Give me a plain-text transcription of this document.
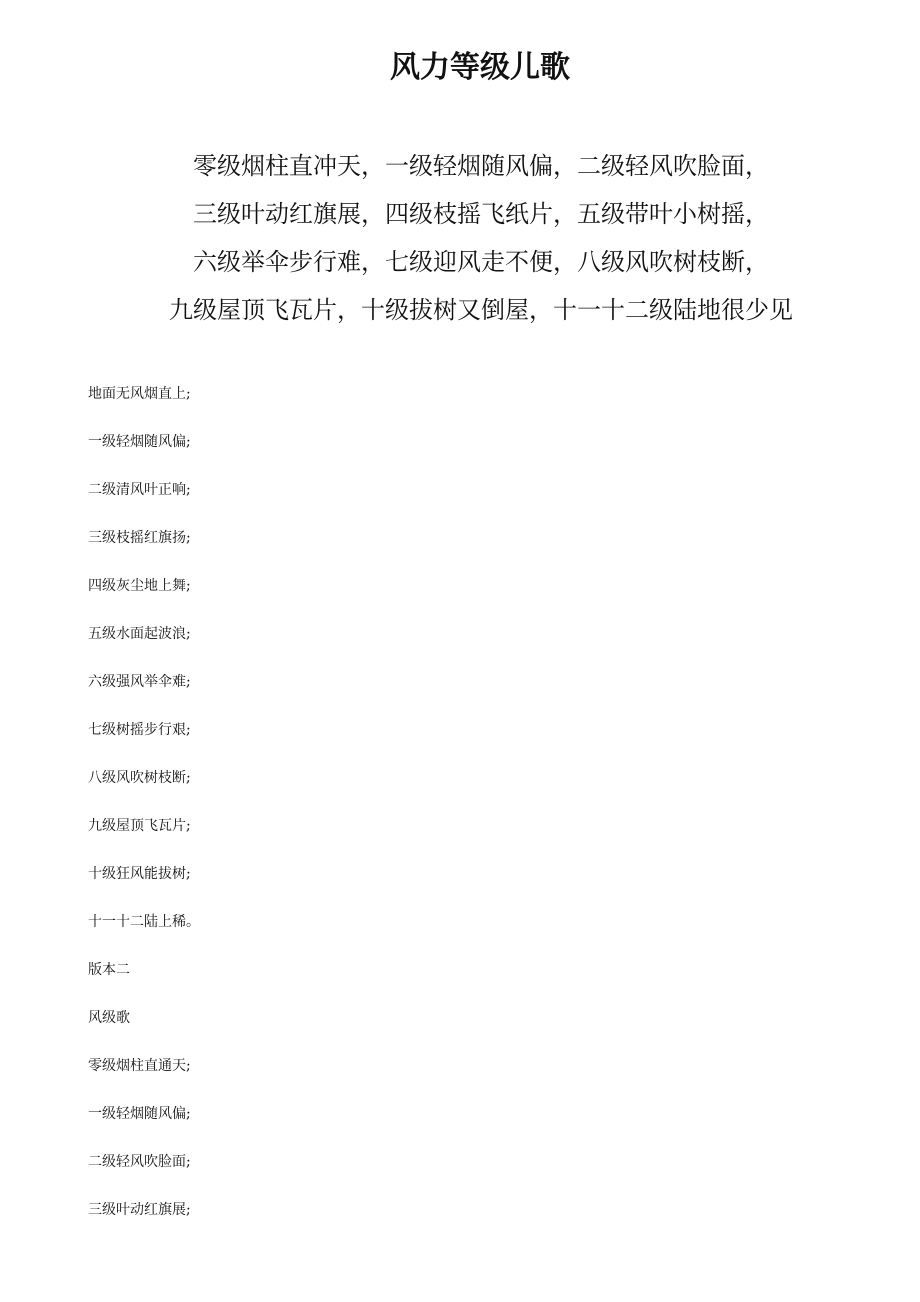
风力等级儿歌
零级烟柱直冲天，一级轻烟随风偏，二级轻风吹脸面，
三级叶动红旗展，四级枝摇飞纸片，五级带叶小树摇，
六级举伞步行难，七级迎风走不便，八级风吹树枝断，
九级屋顶飞瓦片，十级拔树又倒屋，十一十二级陆地很少见
地面无风烟直上;
一级轻烟随风偏;
二级清风叶正响;
三级枝摇红旗扬;
四级灰尘地上舞;
五级水面起波浪;
六级强风举伞难;
七级树摇步行艰;
八级风吹树枝断;
九级屋顶飞瓦片;
十级狂风能拔树;
十一十二陆上稀。
版本二
风级歌
零级烟柱直通天;
一级轻烟随风偏;
二级轻风吹脸面;
三级叶动红旗展;
